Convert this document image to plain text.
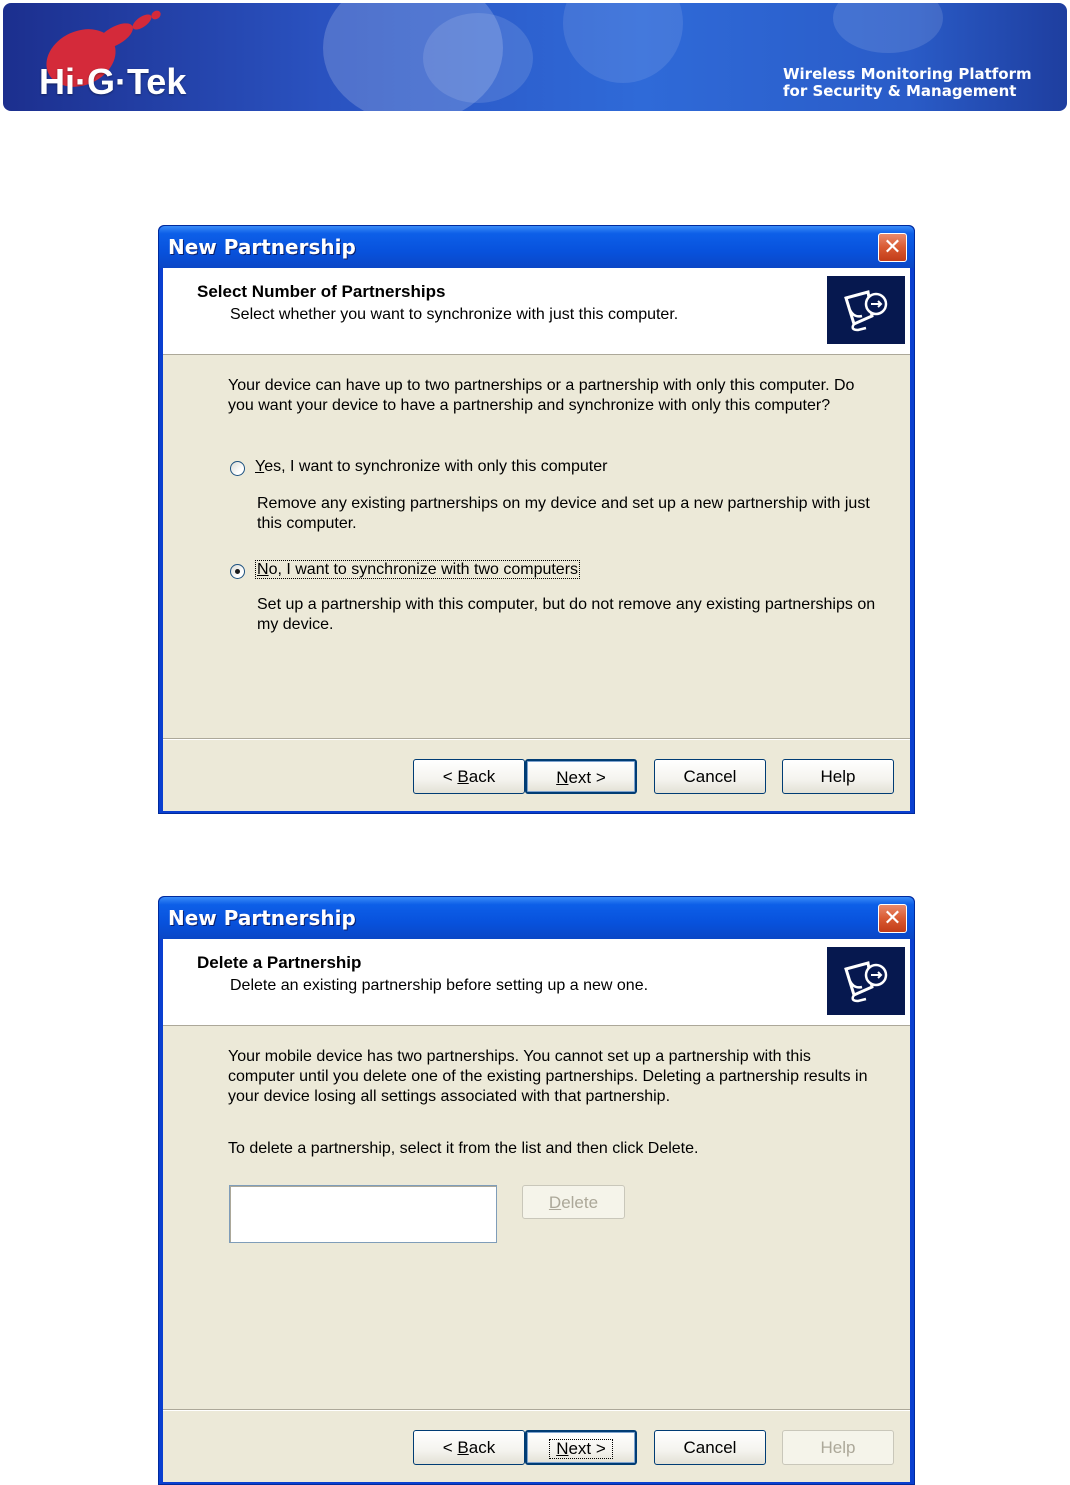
Hi·G·Tek	Wireless Monitoring Platform
for Security & Management
New Partnership	✕
Select Number of Partnerships
Select whether you want to synchronize with just this computer.
Your device can have up to two partnerships or a partnership with only this computer. Do
you want your device to have a partnership and synchronize with only this computer?
Yes, I want to synchronize with only this computer
Remove any existing partnerships on my device and set up a new partnership with just
this computer.
No, I want to synchronize with two computers
Set up a partnership with this computer, but do not remove any existing partnerships on
my device.
< Back	Next >	Cancel	Help
New Partnership	✕
Delete a Partnership
Delete an existing partnership before setting up a new one.
Your mobile device has two partnerships. You cannot set up a partnership with this
computer until you delete one of the existing partnerships. Deleting a partnership results in
your device losing all settings associated with that partnership.
To delete a partnership, select it from the list and then click Delete.
Delete
< Back	Next >	Cancel	Help
